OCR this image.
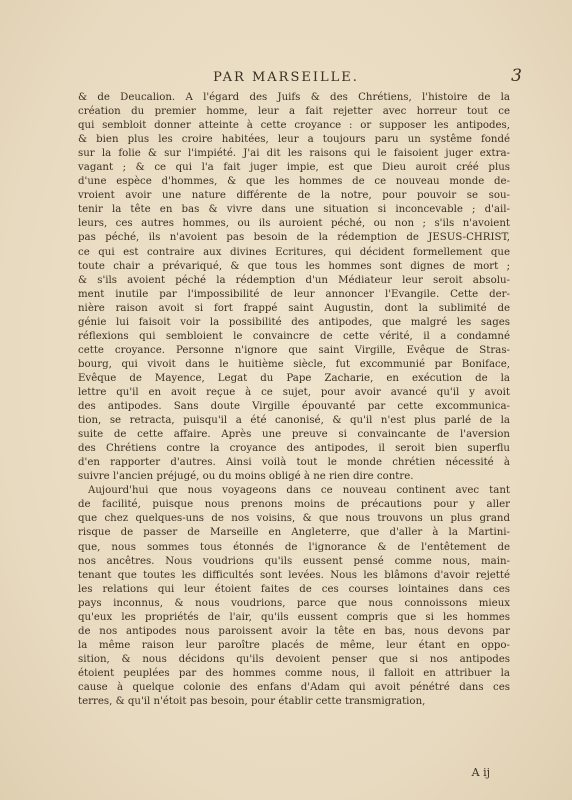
PAR MARSEILLE.	3
& de Deucalion. A l'égard des Juifs & des Chrétiens, l'histoire de la
création du premier homme, leur a fait rejetter avec horreur tout ce
qui sembloit donner atteinte à cette croyance : or supposer les antipodes,
& bien plus les croire habitées, leur a toujours paru un systême fondé
sur la folie & sur l'impiété. J'ai dit les raisons qui le faisoient juger extra-
vagant ; & ce qui l'a fait juger impie, est que Dieu auroit créé plus
d'une espèce d'hommes, & que les hommes de ce nouveau monde de-
vroient avoir une nature différente de la notre, pour pouvoir se sou-
tenir la tête en bas & vivre dans une situation si inconcevable ; d'ail-
leurs, ces autres hommes, ou ils auroient péché, ou non ; s'ils n'avoient
pas péché, ils n'avoient pas besoin de la rédemption de JESUS-CHRIST,
ce qui est contraire aux divines Ecritures, qui décident formellement que
toute chair a prévariqué, & que tous les hommes sont dignes de mort ;
& s'ils avoient péché la rédemption d'un Médiateur leur seroit absolu-
ment inutile par l'impossibilité de leur annoncer l'Evangile. Cette der-
nière raison avoit si fort frappé saint Augustin, dont la sublimité de
génie lui faisoit voir la possibilité des antipodes, que malgré les sages
réflexions qui sembloient le convaincre de cette vérité, il a condamné
cette croyance. Personne n'ignore que saint Virgille, Evêque de Stras-
bourg, qui vivoit dans le huitième siècle, fut excommunié par Boniface,
Evêque de Mayence, Legat du Pape Zacharie, en exécution de la
lettre qu'il en avoit reçue à ce sujet, pour avoir avancé qu'il y avoit
des antipodes. Sans doute Virgille épouvanté par cette excommunica-
tion, se retracta, puisqu'il a été canonisé, & qu'il n'est plus parlé de la
suite de cette affaire. Après une preuve si convaincante de l'aversion
des Chrétiens contre la croyance des antipodes, il seroit bien superflu
d'en rapporter d'autres. Ainsi voilà tout le monde chrétien nécessité à
suivre l'ancien préjugé, ou du moins obligé à ne rien dire contre.
Aujourd'hui que nous voyageons dans ce nouveau continent avec tant
de facilité, puisque nous prenons moins de précautions pour y aller
que chez quelques-uns de nos voisins, & que nous trouvons un plus grand
risque de passer de Marseille en Angleterre, que d'aller à la Martini-
que, nous sommes tous étonnés de l'ignorance & de l'entêtement de
nos ancêtres. Nous voudrions qu'ils eussent pensé comme nous, main-
tenant que toutes les difficultés sont levées. Nous les blâmons d'avoir rejetté
les relations qui leur étoient faites de ces courses lointaines dans ces
pays inconnus, & nous voudrions, parce que nous connoissons mieux
qu'eux les propriétés de l'air, qu'ils eussent compris que si les hommes
de nos antipodes nous paroissent avoir la tête en bas, nous devons par
la même raison leur paroître placés de même, leur étant en oppo-
sition, & nous décidons qu'ils devoient penser que si nos antipodes
étoient peuplées par des hommes comme nous, il falloit en attribuer la
cause à quelque colonie des enfans d'Adam qui avoit pénétré dans ces
terres, & qu'il n'étoit pas besoin, pour établir cette transmigration,
A ij
